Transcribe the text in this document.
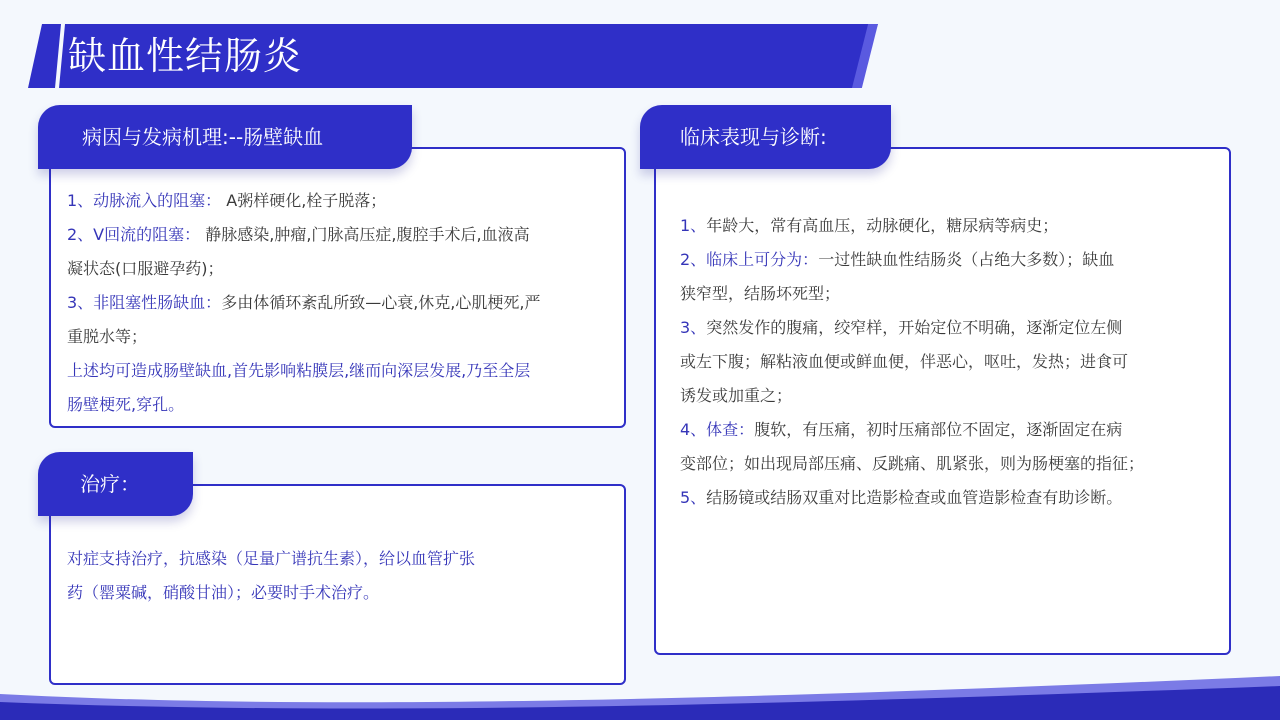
缺血性结肠炎
1、动脉流入的阻塞： A粥样硬化,栓子脱落；
2、V回流的阻塞： 静脉感染,肿瘤,门脉高压症,腹腔手术后,血液高
凝状态(口服避孕药)；
3、非阻塞性肠缺血：多由体循环紊乱所致—心衰,休克,心肌梗死,严
重脱水等；
上述均可造成肠壁缺血,首先影响粘膜层,继而向深层发展,乃至全层
肠壁梗死,穿孔。
病因与发病机理:--肠壁缺血
对症支持治疗，抗感染（足量广谱抗生素），给以血管扩张
药（罂粟碱，硝酸甘油）；必要时手术治疗。
治疗：
1、年龄大，常有高血压，动脉硬化，糖尿病等病史；
2、临床上可分为：一过性缺血性结肠炎（占绝大多数）；缺血
狭窄型，结肠坏死型；
3、突然发作的腹痛，绞窄样，开始定位不明确，逐渐定位左侧
或左下腹；解粘液血便或鲜血便，伴恶心，呕吐，发热；进食可
诱发或加重之；
4、体查：腹软，有压痛，初时压痛部位不固定，逐渐固定在病
变部位；如出现局部压痛、反跳痛、肌紧张，则为肠梗塞的指征；
5、结肠镜或结肠双重对比造影检查或血管造影检查有助诊断。
临床表现与诊断:
